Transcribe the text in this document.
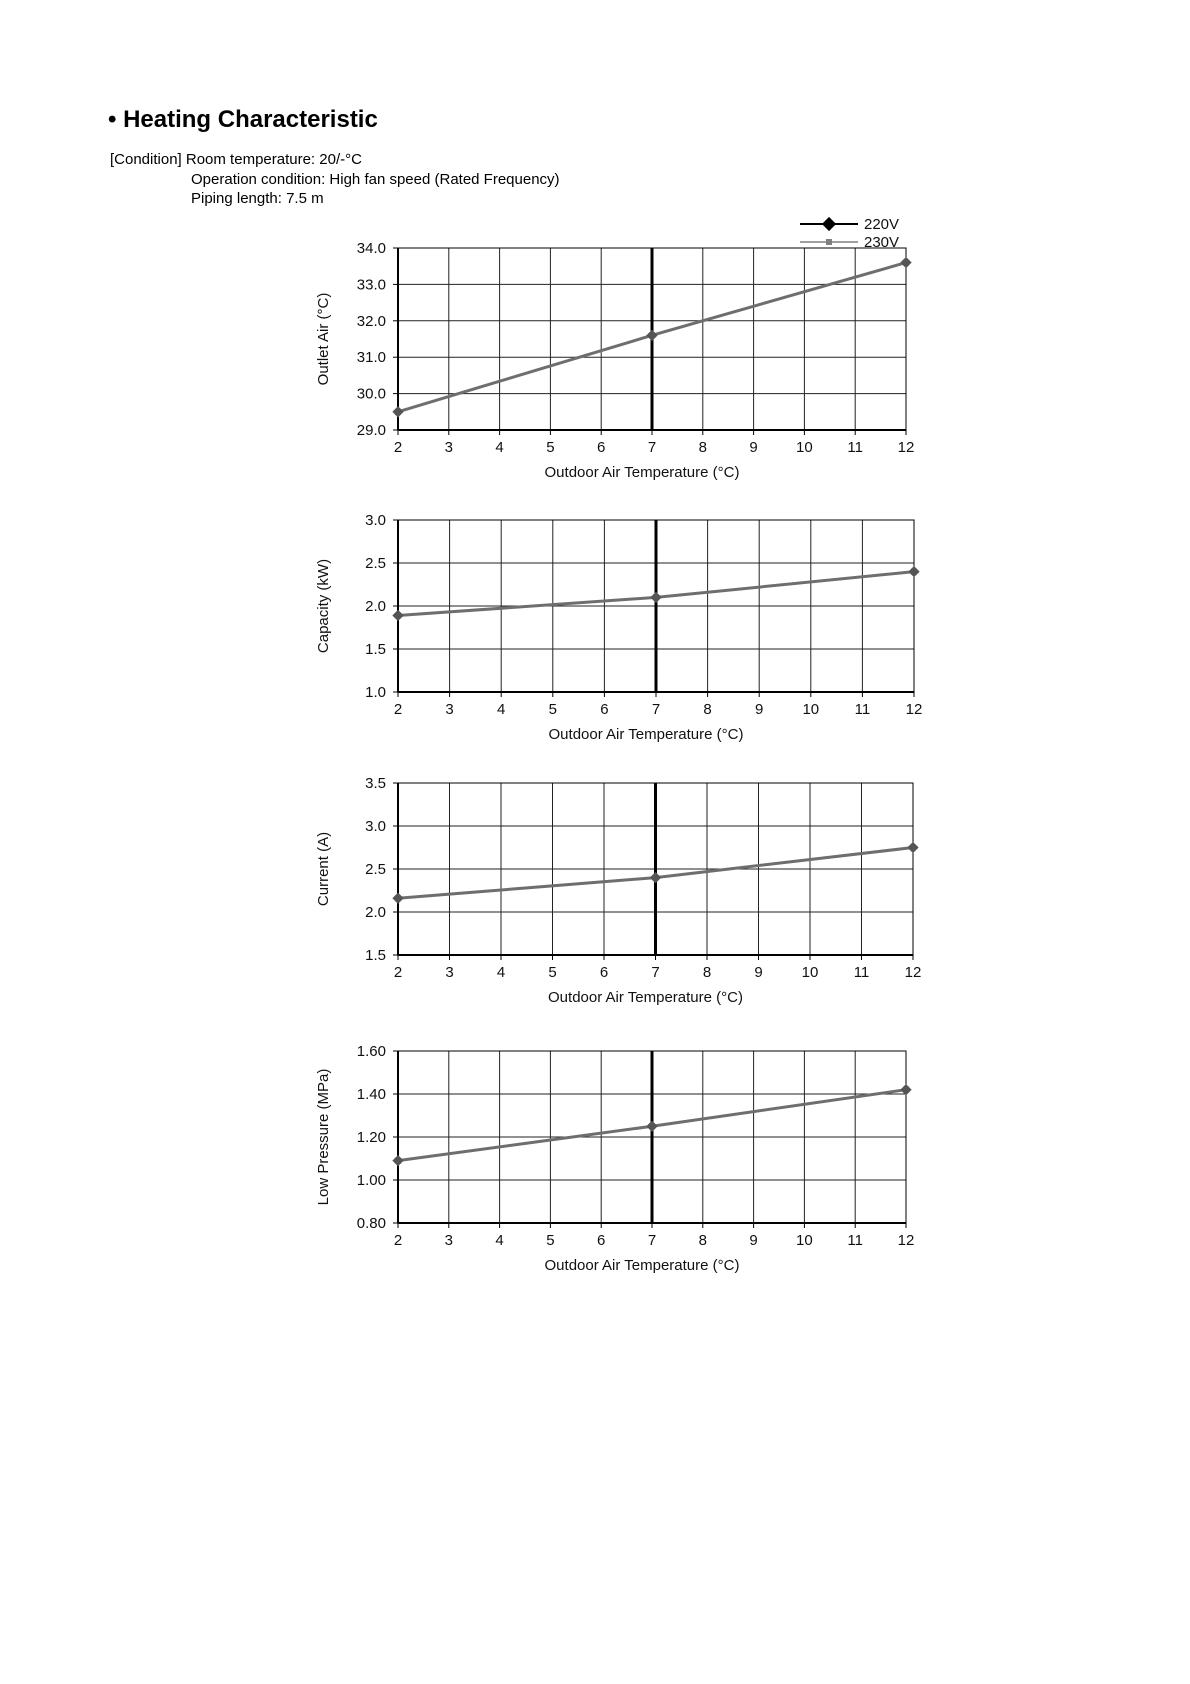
• Heating Characteristic
[Condition] Room temperature: 20/-°C
Operation condition: High fan speed (Rated Frequency)
Piping length: 7.5 m
220V
230V
2	3	4	5	6	7	8	9	10 11 12
29.0
30.0
31.0
32.0
33.0
34.0
Outdoor Air Temperature (°C)
Outlet Air (°C)
2	3	4	5	6	7	8	9	10 11 12
1.0
1.5
2.0
2.5
3.0
Outdoor Air Temperature (°C)
Capacity (kW)
2	3	4	5	6	7	8	9	10 11 12
1.5
2.0
2.5
3.0
3.5
Outdoor Air Temperature (°C)
Current (A)
2	3	4	5	6	7	8	9	10 11 12
0.80
1.00
1.20
1.40
1.60
Outdoor Air Temperature (°C)
Low Pressure (MPa)
